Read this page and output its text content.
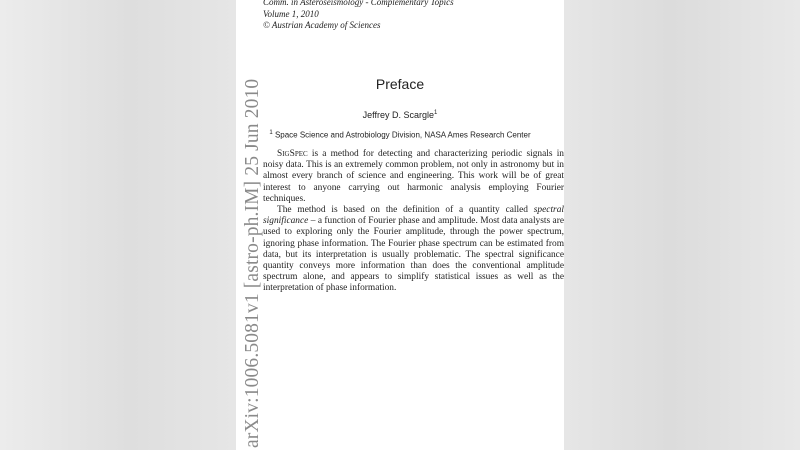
Comm. in Asteroseismology - Complementary Topics
Volume 1, 2010
© Austrian Academy of Sciences
Preface
Jeffrey D. Scargle$^1$
$^1$ Space Science and Astrobiology Division, NASA Ames Research Center

SigSpec is a method for detecting and characterizing periodic signals in noisy data. This is an extremely common problem, not only in astronomy but in almost every branch of science and engineering. This work will be of great interest to anyone carrying out harmonic analysis employing Fourier techniques.

The method is based on the definition of a quantity called spectral significance – a function of Fourier phase and amplitude. Most data analysts are used to exploring only the Fourier amplitude, through the power spectrum, ignoring phase information. The Fourier phase spectrum can be estimated from data, but its interpretation is usually problematic. The spectral significance quantity conveys more information than does the conventional amplitude spectrum alone, and appears to simplify statistical issues as well as the interpretation of phase information.

arXiv:1006.5081v1 [astro-ph.IM] 25 Jun 2010
